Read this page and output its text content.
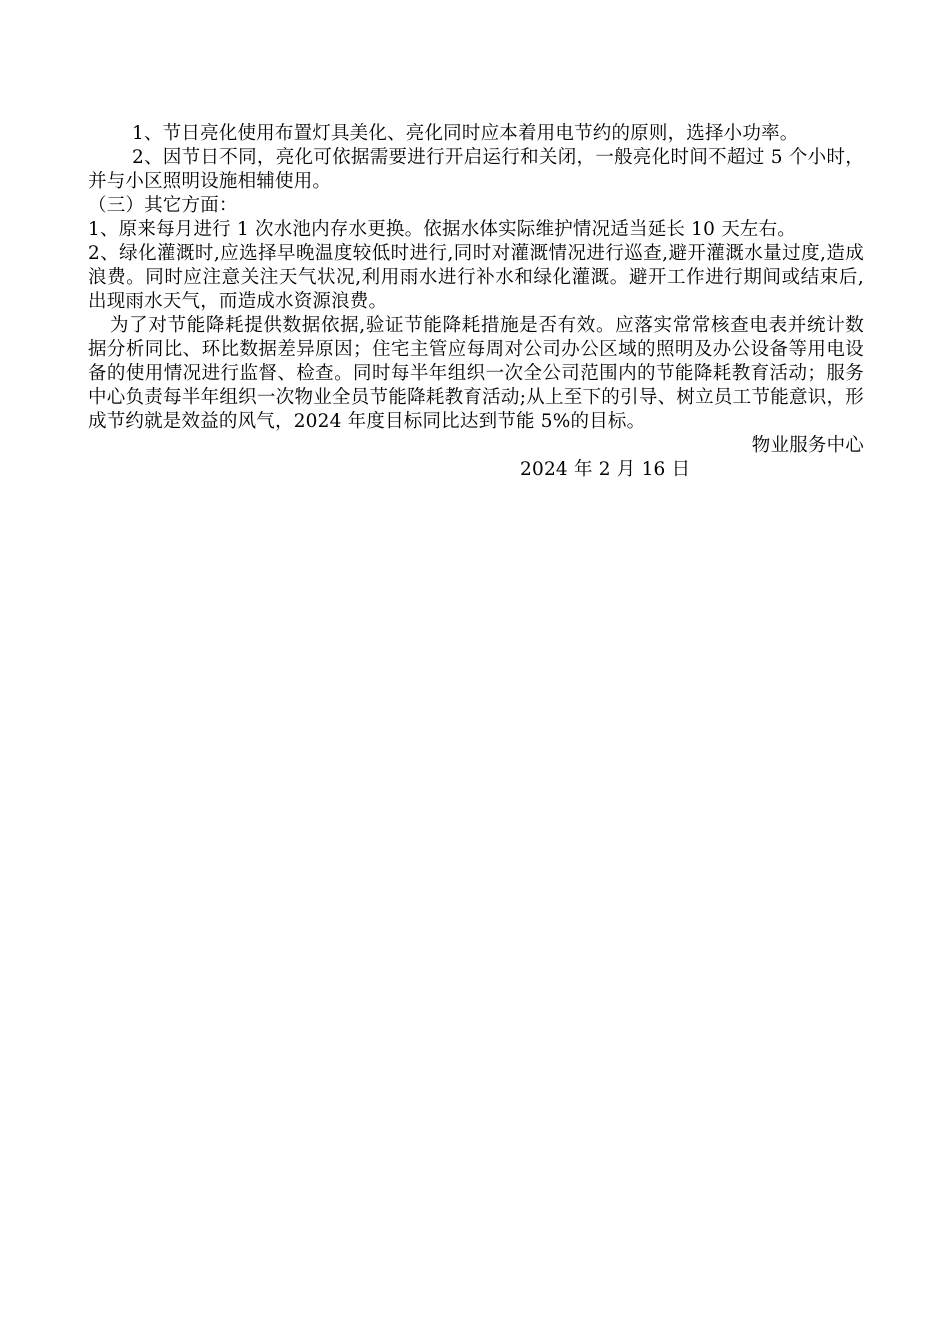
1、节日亮化使用布置灯具美化、亮化同时应本着用电节约的原则，选择小功率。

2、因节日不同，亮化可依据需要进行开启运行和关闭，一般亮化时间不超过 5 个小时，并与小区照明设施相辅使用。

（三）其它方面：

1、原来每月进行 1 次水池内存水更换。依据水体实际维护情况适当延长 10 天左右。

2、绿化灌溉时,应选择早晚温度较低时进行,同时对灌溉情况进行巡查,避开灌溉水量过度,造成浪费。同时应注意关注天气状况,利用雨水进行补水和绿化灌溉。避开工作进行期间或结束后,出现雨水天气，而造成水资源浪费。

为了对节能降耗提供数据依据,验证节能降耗措施是否有效。应落实常常核查电表并统计数据分析同比、环比数据差异原因；住宅主管应每周对公司办公区域的照明及办公设备等用电设备的使用情况进行监督、检查。同时每半年组织一次全公司范围内的节能降耗教育活动；服务中心负责每半年组织一次物业全员节能降耗教育活动;从上至下的引导、树立员工节能意识，形成节约就是效益的风气，2024 年度目标同比达到节能 5%的目标。

物业服务中心

2024 年 2 月 16 日
